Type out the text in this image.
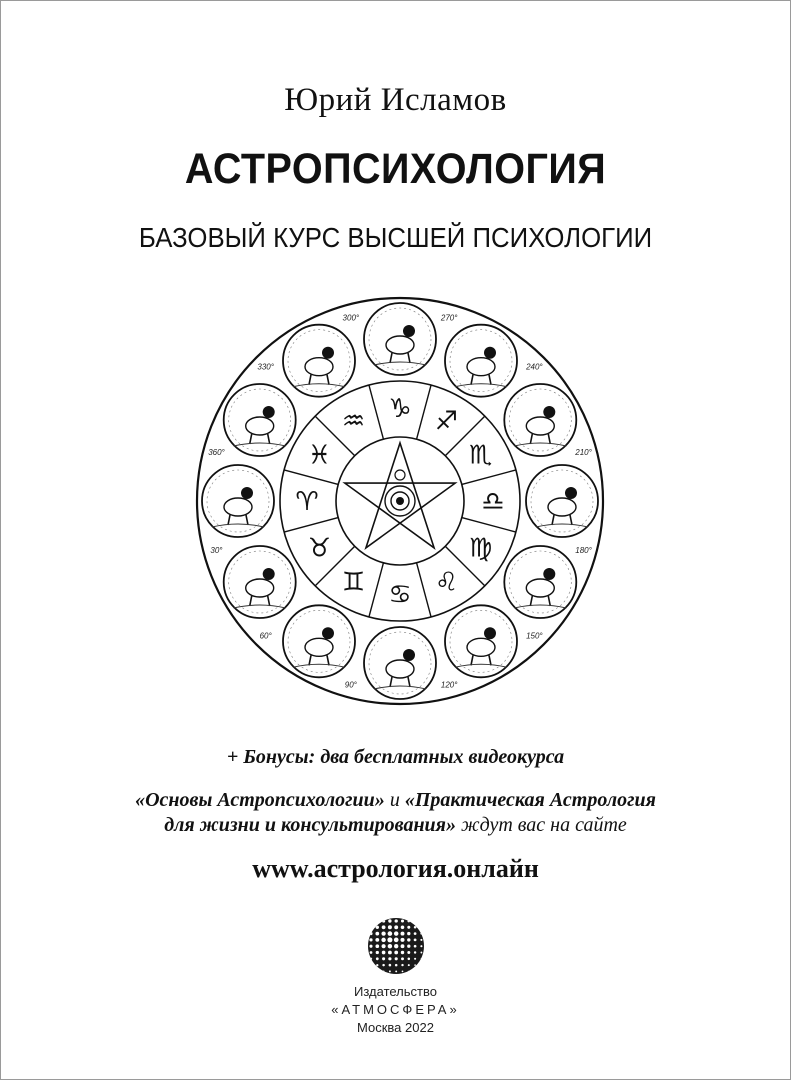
Юрий Исламов
АСТРОПСИХОЛОГИЯ
БАЗОВЫЙ КУРС ВЫСШЕЙ ПСИХОЛОГИИ
♑ ♐
♏
♎
♍
♌
♋
♊
♉
♈
♓
♒
270°
240°
210°
180°
150°
120°
90°
60°
30°
360°
330°
300°
+ Бонусы: два бесплатных видеокурса
«Основы Астропсихологии» и «Практическая Астрология
для жизни и консультирования» ждут вас на сайте
www.астрология.онлайн
Издательство
«АТМОСФЕРА»
Москва 2022
